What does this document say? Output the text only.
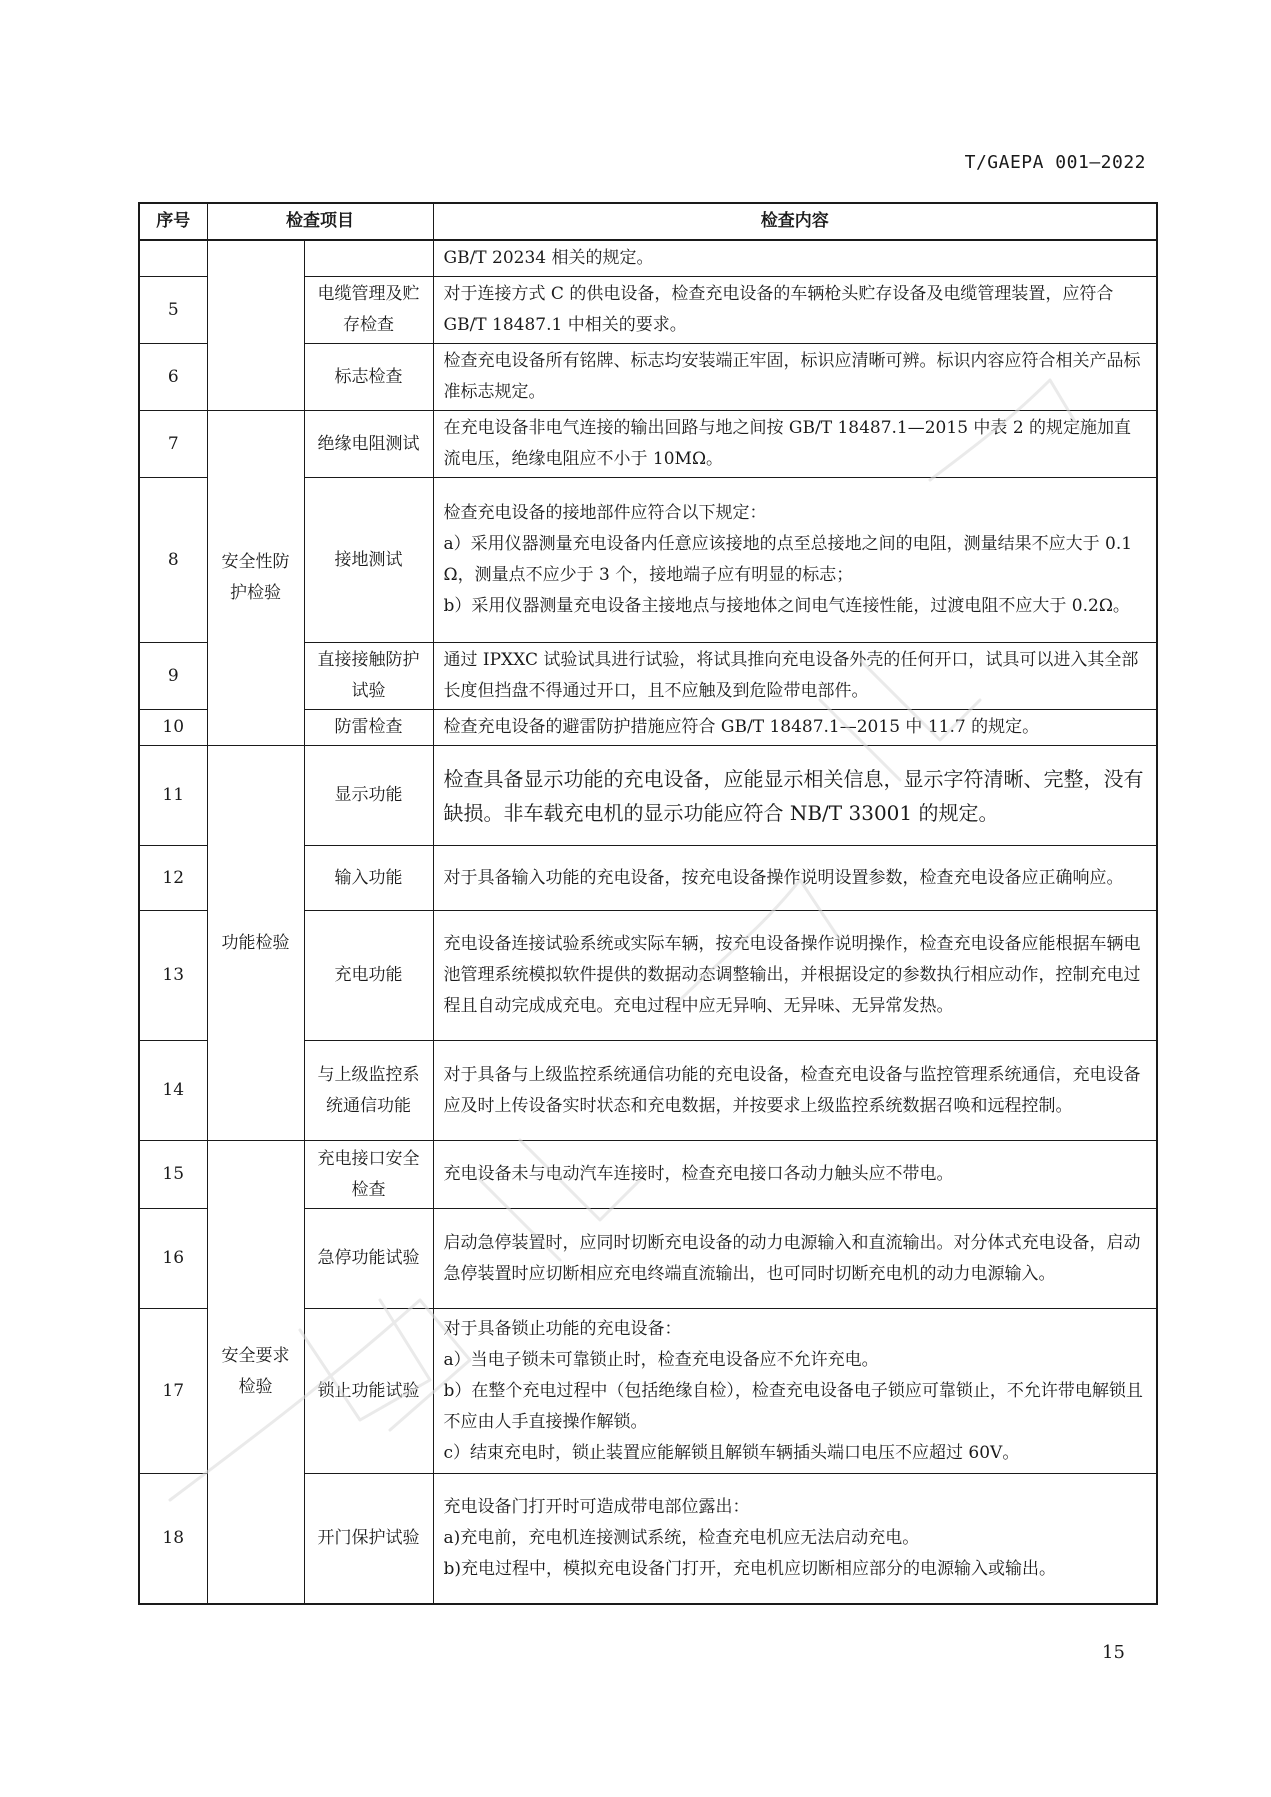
T/GAEPA 001—2022
序号	检查项目		检查内容

			GB/T 20234 相关的规定。

5		电缆管理及贮存检查	对于连接方式 C 的供电设备，检查充电设备的车辆枪头贮存设备及电缆管理装置，应符合 GB/T 18487.1 中相关的要求。

6		标志检查	检查充电设备所有铭牌、标志均安装端正牢固，标识应清晰可辨。标识内容应符合相关产品标准标志规定。

7	安全性防护检验	绝缘电阻测试	在充电设备非电气连接的输出回路与地之间按 GB/T 18487.1—2015 中表 2 的规定施加直流电压，绝缘电阻应不小于 10MΩ。

8		接地测试	检查充电设备的接地部件应符合以下规定：
a）采用仪器测量充电设备内任意应该接地的点至总接地之间的电阻，测量结果不应大于 0.1 Ω，测量点不应少于 3 个，接地端子应有明显的标志；
b）采用仪器测量充电设备主接地点与接地体之间电气连接性能，过渡电阻不应大于 0.2Ω。

9		直接接触防护试验	通过 IPXXC 试验试具进行试验，将试具推向充电设备外壳的任何开口，试具可以进入其全部长度但挡盘不得通过开口，且不应触及到危险带电部件。

10		防雷检查	检查充电设备的避雷防护措施应符合 GB/T 18487.1—2015 中 11.7 的规定。

11	功能检验	显示功能	检查具备显示功能的充电设备，应能显示相关信息，显示字符清晰、完整，没有缺损。非车载充电机的显示功能应符合 NB/T 33001 的规定。

12		输入功能	对于具备输入功能的充电设备，按充电设备操作说明设置参数，检查充电设备应正确响应。

13		充电功能	充电设备连接试验系统或实际车辆，按充电设备操作说明操作，检查充电设备应能根据车辆电池管理系统模拟软件提供的数据动态调整输出，并根据设定的参数执行相应动作，控制充电过程且自动完成成充电。充电过程中应无异响、无异味、无异常发热。

14		与上级监控系统通信功能	对于具备与上级监控系统通信功能的充电设备，检查充电设备与监控管理系统通信，充电设备应及时上传设备实时状态和充电数据，并按要求上级监控系统数据召唤和远程控制。

15	安全要求检验	充电接口安全检查	充电设备未与电动汽车连接时，检查充电接口各动力触头应不带电。

16		急停功能试验	启动急停装置时，应同时切断充电设备的动力电源输入和直流输出。对分体式充电设备，启动急停装置时应切断相应充电终端直流输出，也可同时切断充电机的动力电源输入。

17		锁止功能试验	对于具备锁止功能的充电设备：
a）当电子锁未可靠锁止时，检查充电设备应不允许充电。
b）在整个充电过程中（包括绝缘自检），检查充电设备电子锁应可靠锁止，不允许带电解锁且不应由人手直接操作解锁。
c）结束充电时，锁止装置应能解锁且解锁车辆插头端口电压不应超过 60V。

18		开门保护试验	充电设备门打开时可造成带电部位露出：
a)充电前，充电机连接测试系统，检查充电机应无法启动充电。
b)充电过程中，模拟充电设备门打开，充电机应切断相应部分的电源输入或输出。
15
